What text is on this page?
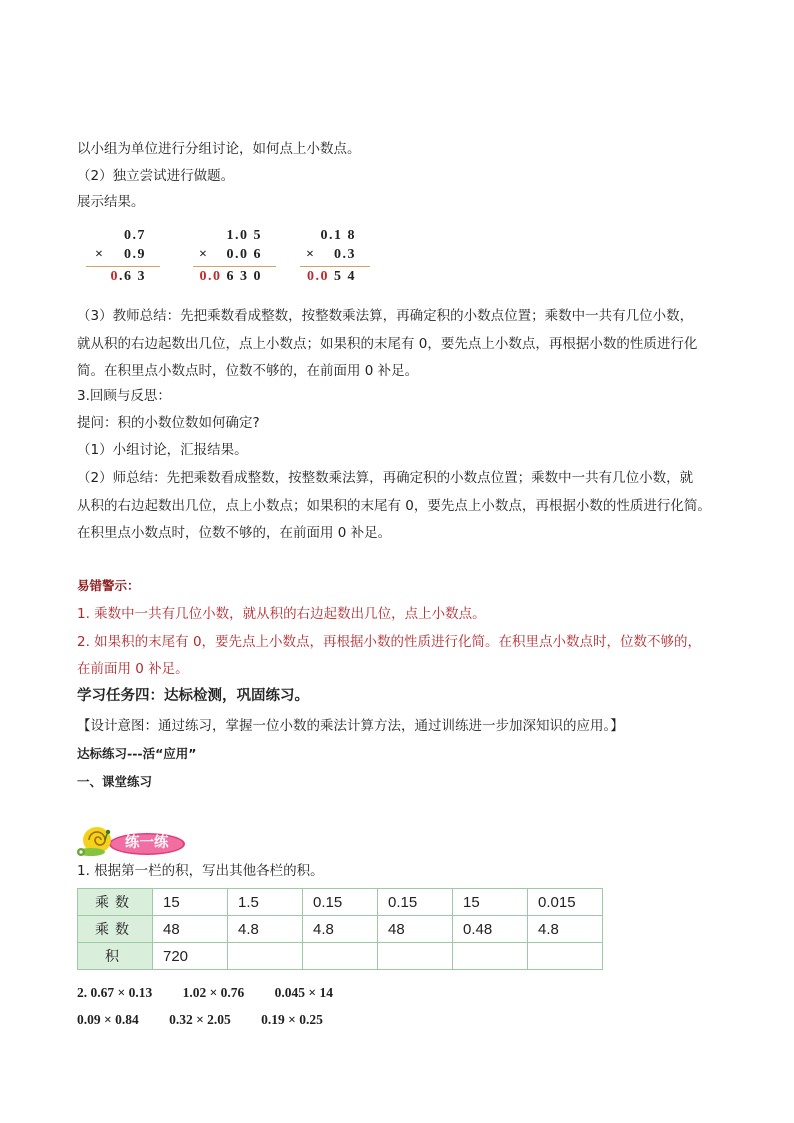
以小组为单位进行分组讨论，如何点上小数点。
（2）独立尝试进行做题。
展示结果。
0.7
× 0.9
0.6 3
1.0 5
× 0.0 6
0.0 6 3 0
0.1 8
× 0.3
0.0 5 4
（3）教师总结：先把乘数看成整数，按整数乘法算，再确定积的小数点位置；乘数中一共有几位小数，
就从积的右边起数出几位，点上小数点；如果积的末尾有 0，要先点上小数点，再根据小数的性质进行化
简。在积里点小数点时，位数不够的，在前面用 0 补足。
3.回顾与反思：
提问：积的小数位数如何确定?
（1）小组讨论，汇报结果。
（2）师总结：先把乘数看成整数，按整数乘法算，再确定积的小数点位置；乘数中一共有几位小数，就
从积的右边起数出几位，点上小数点；如果积的末尾有 0，要先点上小数点，再根据小数的性质进行化简。
在积里点小数点时，位数不够的，在前面用 0 补足。
易错警示：
1. 乘数中一共有几位小数，就从积的右边起数出几位，点上小数点。
2. 如果积的末尾有 0，要先点上小数点，再根据小数的性质进行化简。在积里点小数点时，位数不够的，
在前面用 0 补足。
学习任务四：达标检测，巩固练习。
【设计意图：通过练习，掌握一位小数的乘法计算方法，通过训练进一步加深知识的应用。】
达标练习---活“应用”
一、课堂练习
练一练
1. 根据第一栏的积，写出其他各栏的积。
乘数	15	1.5	0.15	0.15	15	0.015
乘数	48	4.8	4.8	48	0.48	4.8
积	720					
2. 0.67 × 0.13         1.02 × 0.76         0.045 × 14
0.09 × 0.84         0.32 × 2.05         0.19 × 0.25
